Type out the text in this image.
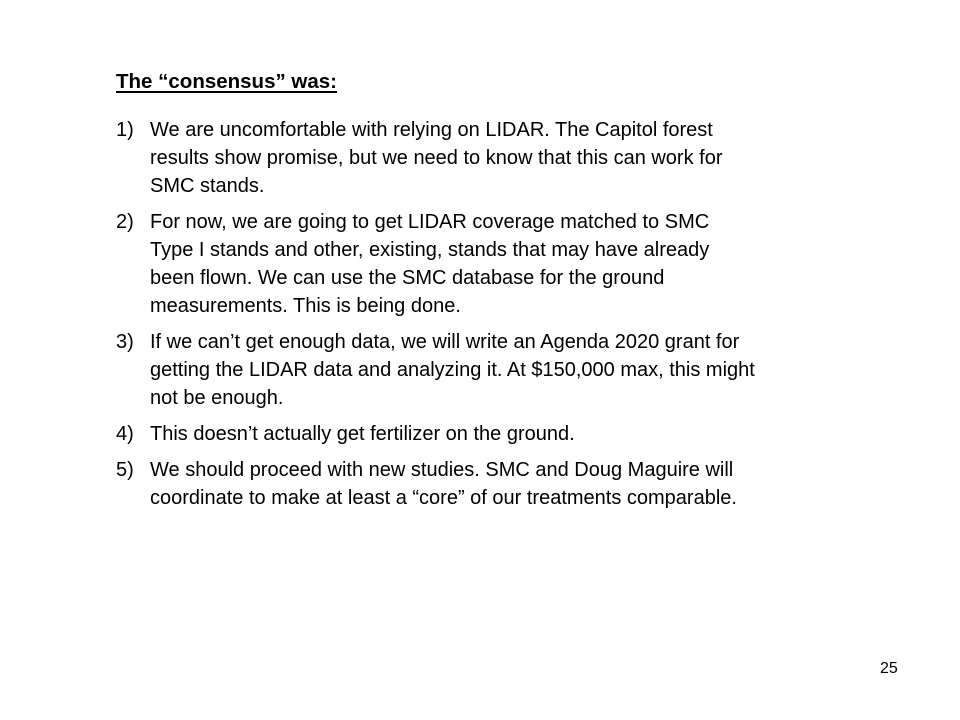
The “consensus” was:
1) We are uncomfortable with relying on LIDAR. The Capitol forest
results show promise, but we need to know that this can work for
SMC stands.
2) For now, we are going to get LIDAR coverage matched to SMC
Type I stands and other, existing, stands that may have already
been flown. We can use the SMC database for the ground
measurements. This is being done.
3) If we can’t get enough data, we will write an Agenda 2020 grant for
getting the LIDAR data and analyzing it. At $150,000 max, this might
not be enough.
4) This doesn’t actually get fertilizer on the ground.
5) We should proceed with new studies. SMC and Doug Maguire will
coordinate to make at least a “core” of our treatments comparable.
25
